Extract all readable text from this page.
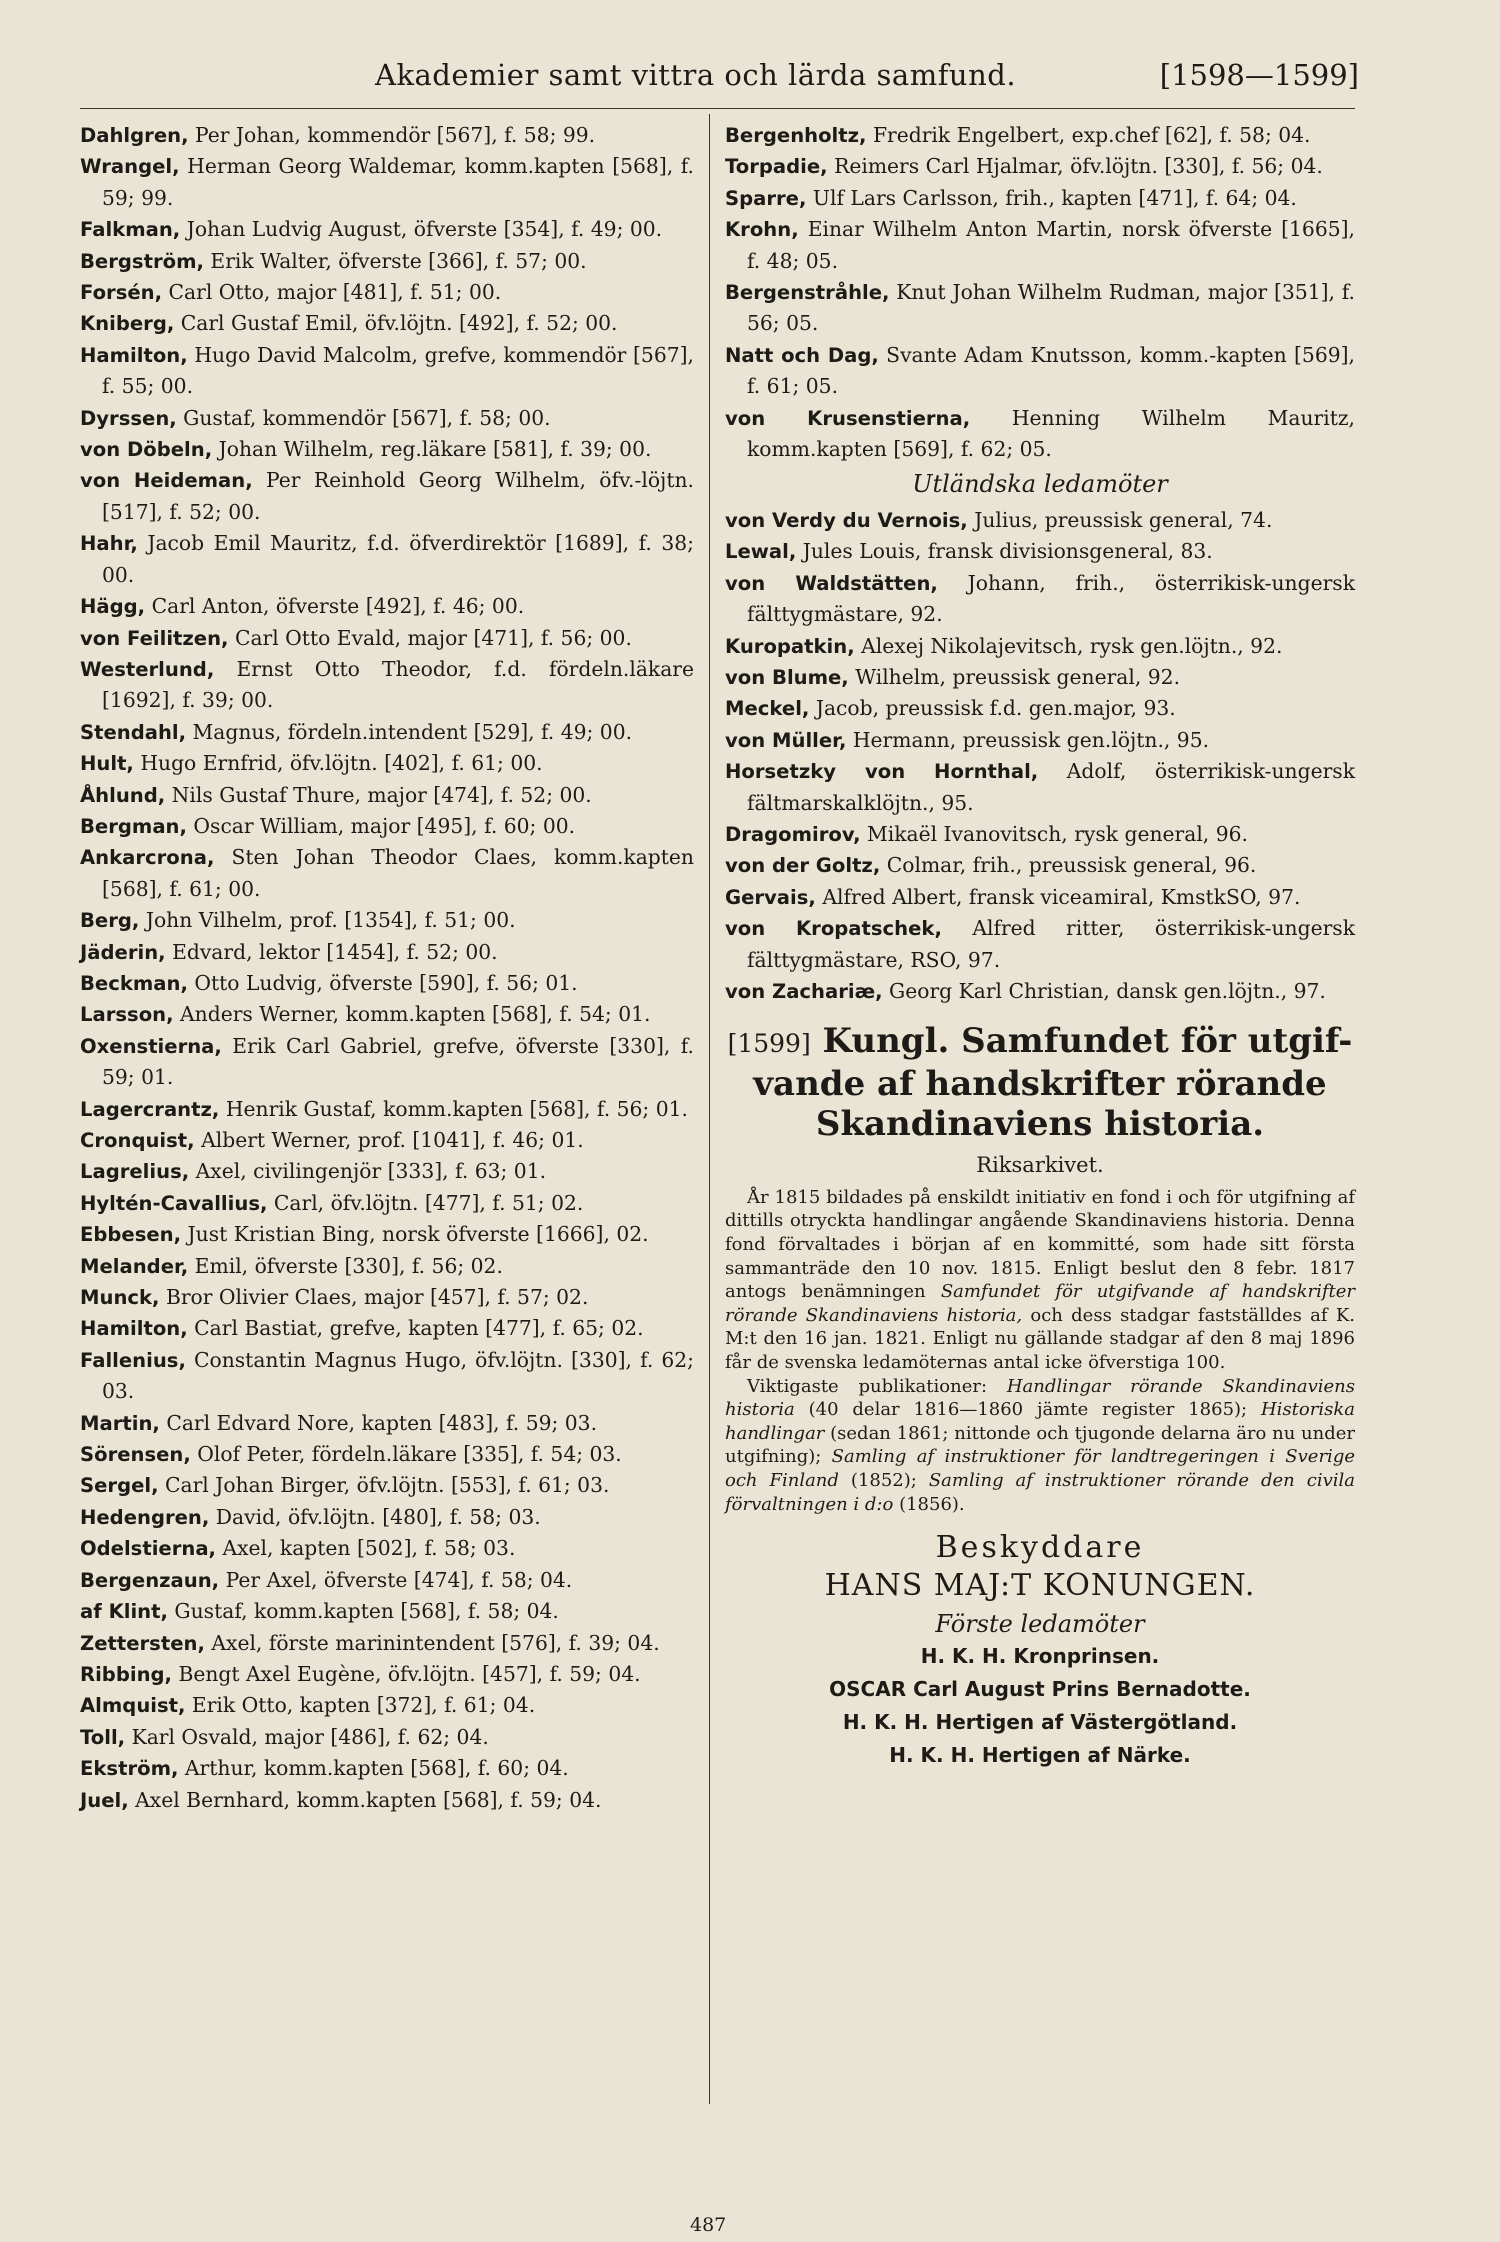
Akademier samt vittra och lärda samfund.	[1598—1599]
Dahlgren, Per Johan, kommendör [567], f. 58; 99.
Wrangel, Herman Georg Waldemar, komm.kapten [568], f. 59; 99.
Falkman, Johan Ludvig August, öfverste [354], f. 49; 00.
Bergström, Erik Walter, öfverste [366], f. 57; 00.
Forsén, Carl Otto, major [481], f. 51; 00.
Kniberg, Carl Gustaf Emil, öfv.löjtn. [492], f. 52; 00.
Hamilton, Hugo David Malcolm, grefve, kommendör [567], f. 55; 00.
Dyrssen, Gustaf, kommendör [567], f. 58; 00.
von Döbeln, Johan Wilhelm, reg.läkare [581], f. 39; 00.
von Heideman, Per Reinhold Georg Wilhelm, öfv.-löjtn. [517], f. 52; 00.
Hahr, Jacob Emil Mauritz, f.d. öfverdirektör [1689], f. 38; 00.
Hägg, Carl Anton, öfverste [492], f. 46; 00.
von Feilitzen, Carl Otto Evald, major [471], f. 56; 00.
Westerlund, Ernst Otto Theodor, f.d. fördeln.läkare [1692], f. 39; 00.
Stendahl, Magnus, fördeln.intendent [529], f. 49; 00.
Hult, Hugo Ernfrid, öfv.löjtn. [402], f. 61; 00.
Åhlund, Nils Gustaf Thure, major [474], f. 52; 00.
Bergman, Oscar William, major [495], f. 60; 00.
Ankarcrona, Sten Johan Theodor Claes, komm.kapten [568], f. 61; 00.
Berg, John Vilhelm, prof. [1354], f. 51; 00.
Jäderin, Edvard, lektor [1454], f. 52; 00.
Beckman, Otto Ludvig, öfverste [590], f. 56; 01.
Larsson, Anders Werner, komm.kapten [568], f. 54; 01.
Oxenstierna, Erik Carl Gabriel, grefve, öfverste [330], f. 59; 01.
Lagercrantz, Henrik Gustaf, komm.kapten [568], f. 56; 01.
Cronquist, Albert Werner, prof. [1041], f. 46; 01.
Lagrelius, Axel, civilingenjör [333], f. 63; 01.
Hyltén-Cavallius, Carl, öfv.löjtn. [477], f. 51; 02.
Ebbesen, Just Kristian Bing, norsk öfverste [1666], 02.
Melander, Emil, öfverste [330], f. 56; 02.
Munck, Bror Olivier Claes, major [457], f. 57; 02.
Hamilton, Carl Bastiat, grefve, kapten [477], f. 65; 02.
Fallenius, Constantin Magnus Hugo, öfv.löjtn. [330], f. 62; 03.
Martin, Carl Edvard Nore, kapten [483], f. 59; 03.
Sörensen, Olof Peter, fördeln.läkare [335], f. 54; 03.
Sergel, Carl Johan Birger, öfv.löjtn. [553], f. 61; 03.
Hedengren, David, öfv.löjtn. [480], f. 58; 03.
Odelstierna, Axel, kapten [502], f. 58; 03.
Bergenzaun, Per Axel, öfverste [474], f. 58; 04.
af Klint, Gustaf, komm.kapten [568], f. 58; 04.
Zettersten, Axel, förste marinintendent [576], f. 39; 04.
Ribbing, Bengt Axel Eugène, öfv.löjtn. [457], f. 59; 04.
Almquist, Erik Otto, kapten [372], f. 61; 04.
Toll, Karl Osvald, major [486], f. 62; 04.
Ekström, Arthur, komm.kapten [568], f. 60; 04.
Juel, Axel Bernhard, komm.kapten [568], f. 59; 04.
Bergenholtz, Fredrik Engelbert, exp.chef [62], f. 58; 04.
Torpadie, Reimers Carl Hjalmar, öfv.löjtn. [330], f. 56; 04.
Sparre, Ulf Lars Carlsson, frih., kapten [471], f. 64; 04.
Krohn, Einar Wilhelm Anton Martin, norsk öfverste [1665], f. 48; 05.
Bergenstråhle, Knut Johan Wilhelm Rudman, major [351], f. 56; 05.
Natt och Dag, Svante Adam Knutsson, komm.-kapten [569], f. 61; 05.
von Krusenstierna, Henning Wilhelm Mauritz, komm.kapten [569], f. 62; 05.
Utländska ledamöter
von Verdy du Vernois, Julius, preussisk general, 74.
Lewal, Jules Louis, fransk divisionsgeneral, 83.
von Waldstätten, Johann, frih., österrikisk-ungersk fälttygmästare, 92.
Kuropatkin, Alexej Nikolajevitsch, rysk gen.löjtn., 92.
von Blume, Wilhelm, preussisk general, 92.
Meckel, Jacob, preussisk f.d. gen.major, 93.
von Müller, Hermann, preussisk gen.löjtn., 95.
Horsetzky von Hornthal, Adolf, österrikisk-ungersk fältmarskalklöjtn., 95.
Dragomirov, Mikaël Ivanovitsch, rysk general, 96.
von der Goltz, Colmar, frih., preussisk general, 96.
Gervais, Alfred Albert, fransk viceamiral, KmstkSO, 97.
von Kropatschek, Alfred ritter, österrikisk-ungersk fälttygmästare, RSO, 97.
von Zachariæ, Georg Karl Christian, dansk gen.löjtn., 97.
[1599] Kungl. Samfundet för utgif-
vande af handskrifter rörande
Skandinaviens historia.
Riksarkivet.
År 1815 bildades på enskildt initiativ en fond i och för utgifning af dittills otryckta handlingar angående Skandinaviens historia. Denna fond förvaltades i början af en kommitté, som hade sitt första sammanträde den 10 nov. 1815. Enligt beslut den 8 febr. 1817 antogs benämningen Samfundet för utgifvande af handskrifter rörande Skandinaviens historia, och dess stadgar fastställdes af K. M:t den 16 jan. 1821. Enligt nu gällande stadgar af den 8 maj 1896 får de svenska ledamöternas antal icke öfverstiga 100.
Viktigaste publikationer: Handlingar rörande Skandinaviens historia (40 delar 1816—1860 jämte register 1865); Historiska handlingar (sedan 1861; nittonde och tjugonde delarna äro nu under utgifning); Samling af instruktioner för landtregeringen i Sverige och Finland (1852); Samling af instruktioner rörande den civila förvaltningen i d:o (1856).
Beskyddare
HANS MAJ:T KONUNGEN.
Förste ledamöter
H. K. H. Kronprinsen.
OSCAR Carl August Prins Bernadotte.
H. K. H. Hertigen af Västergötland.
H. K. H. Hertigen af Närke.
487
